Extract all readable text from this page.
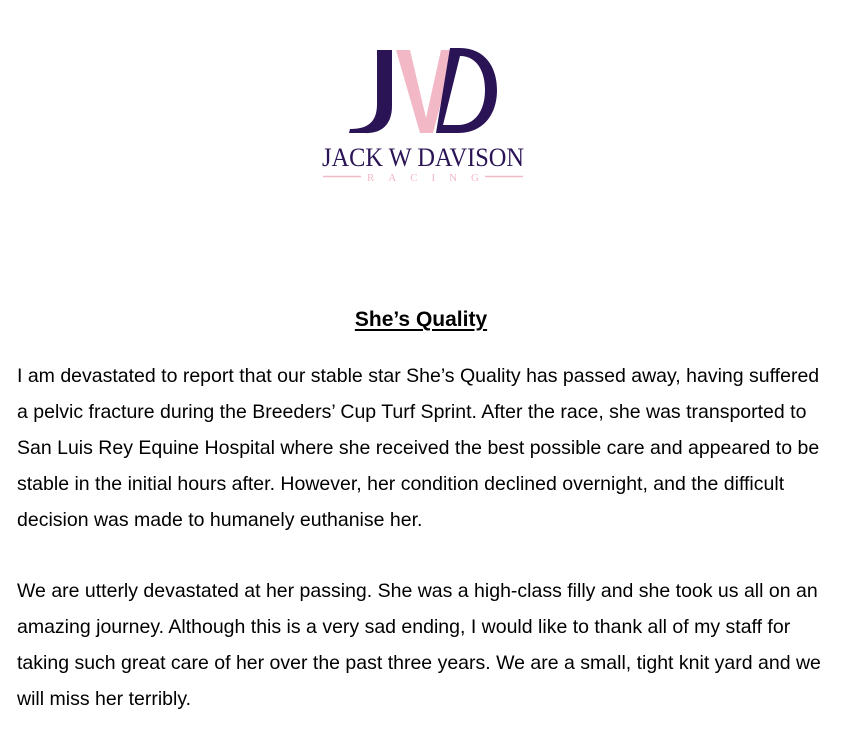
JACK W DAVISON
RACING
She’s Quality

I am devastated to report that our stable star She’s Quality has passed away, having suffered a pelvic fracture during the Breeders’ Cup Turf Sprint. After the race, she was transported to San Luis Rey Equine Hospital where she received the best possible care and appeared to be stable in the initial hours after. However, her condition declined overnight, and the difficult decision was made to humanely euthanise her.

We are utterly devastated at her passing. She was a high-class filly and she took us all on an amazing journey. Although this is a very sad ending, I would like to thank all of my staff for taking such great care of her over the past three years. We are a small, tight knit yard and we will miss her terribly.
